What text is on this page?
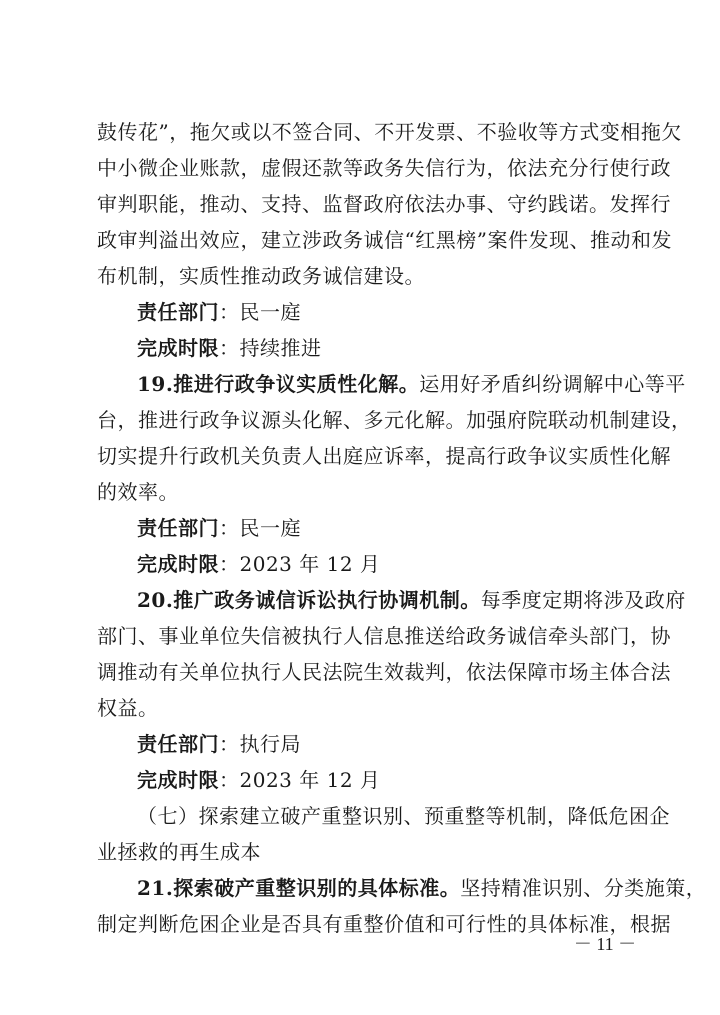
鼓传花”，拖欠或以不签合同、不开发票、不验收等方式变相拖欠
中小微企业账款，虚假还款等政务失信行为，依法充分行使行政
审判职能，推动、支持、监督政府依法办事、守约践诺。发挥行
政审判溢出效应，建立涉政务诚信“红黑榜”案件发现、推动和发
布机制，实质性推动政务诚信建设。
责任部门：民一庭
完成时限：持续推进
19.推进行政争议实质性化解。运用好矛盾纠纷调解中心等平
台，推进行政争议源头化解、多元化解。加强府院联动机制建设，
切实提升行政机关负责人出庭应诉率，提高行政争议实质性化解
的效率。
责任部门：民一庭
完成时限：2023 年 12 月
20.推广政务诚信诉讼执行协调机制。每季度定期将涉及政府
部门、事业单位失信被执行人信息推送给政务诚信牵头部门，协
调推动有关单位执行人民法院生效裁判，依法保障市场主体合法
权益。
责任部门：执行局
完成时限：2023 年 12 月
（七）探索建立破产重整识别、预重整等机制，降低危困企
业拯救的再生成本
21.探索破产重整识别的具体标准。坚持精准识别、分类施策，
制定判断危困企业是否具有重整价值和可行性的具体标准，根据
－ 11 －
